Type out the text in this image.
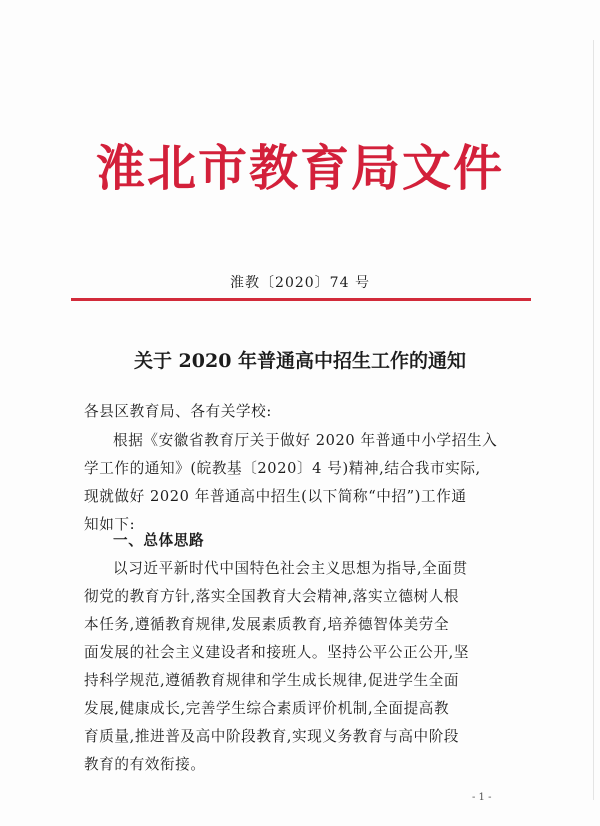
淮北市教育局文件
淮教〔2020〕74 号
关于 2020 年普通高中招生工作的通知
各县区教育局、各有关学校:
根据《安徽省教育厅关于做好 2020 年普通中小学招生入
学工作的通知》(皖教基〔2020〕4 号)精神,结合我市实际,
现就做好 2020 年普通高中招生(以下简称“中招”)工作通
知如下:
一、总体思路
以习近平新时代中国特色社会主义思想为指导,全面贯
彻党的教育方针,落实全国教育大会精神,落实立德树人根
本任务,遵循教育规律,发展素质教育,培养德智体美劳全
面发展的社会主义建设者和接班人。坚持公平公正公开,坚
持科学规范,遵循教育规律和学生成长规律,促进学生全面
发展,健康成长,完善学生综合素质评价机制,全面提高教
育质量,推进普及高中阶段教育,实现义务教育与高中阶段
教育的有效衔接。
- 1 -
